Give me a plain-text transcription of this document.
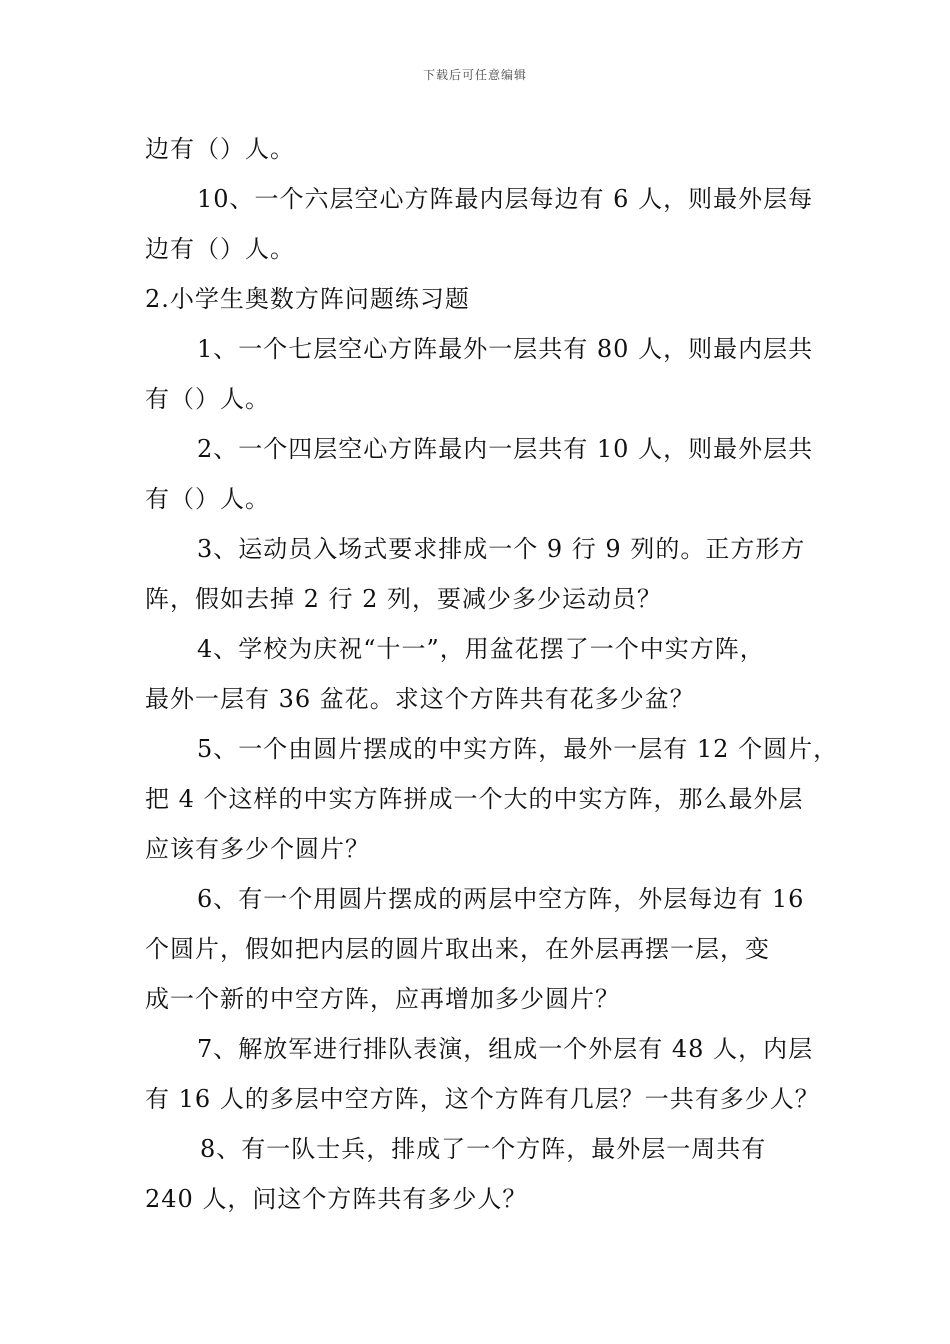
下载后可任意编辑
边有（）人。
10、一个六层空心方阵最内层每边有 6 人，则最外层每
边有（）人。
2.小学生奥数方阵问题练习题
1、一个七层空心方阵最外一层共有 80 人，则最内层共
有（）人。
2、一个四层空心方阵最内一层共有 10 人，则最外层共
有（）人。
3、运动员入场式要求排成一个 9 行 9 列的。正方形方
阵，假如去掉 2 行 2 列，要减少多少运动员？
4、学校为庆祝“十一”，用盆花摆了一个中实方阵，
最外一层有 36 盆花。求这个方阵共有花多少盆？
5、一个由圆片摆成的中实方阵，最外一层有 12 个圆片，
把 4 个这样的中实方阵拼成一个大的中实方阵，那么最外层
应该有多少个圆片？
6、有一个用圆片摆成的两层中空方阵，外层每边有 16
个圆片，假如把内层的圆片取出来，在外层再摆一层，变
成一个新的中空方阵，应再增加多少圆片？
7、解放军进行排队表演，组成一个外层有 48 人，内层
有 16 人的多层中空方阵，这个方阵有几层？一共有多少人？
8、有一队士兵，排成了一个方阵，最外层一周共有
240 人，问这个方阵共有多少人？
